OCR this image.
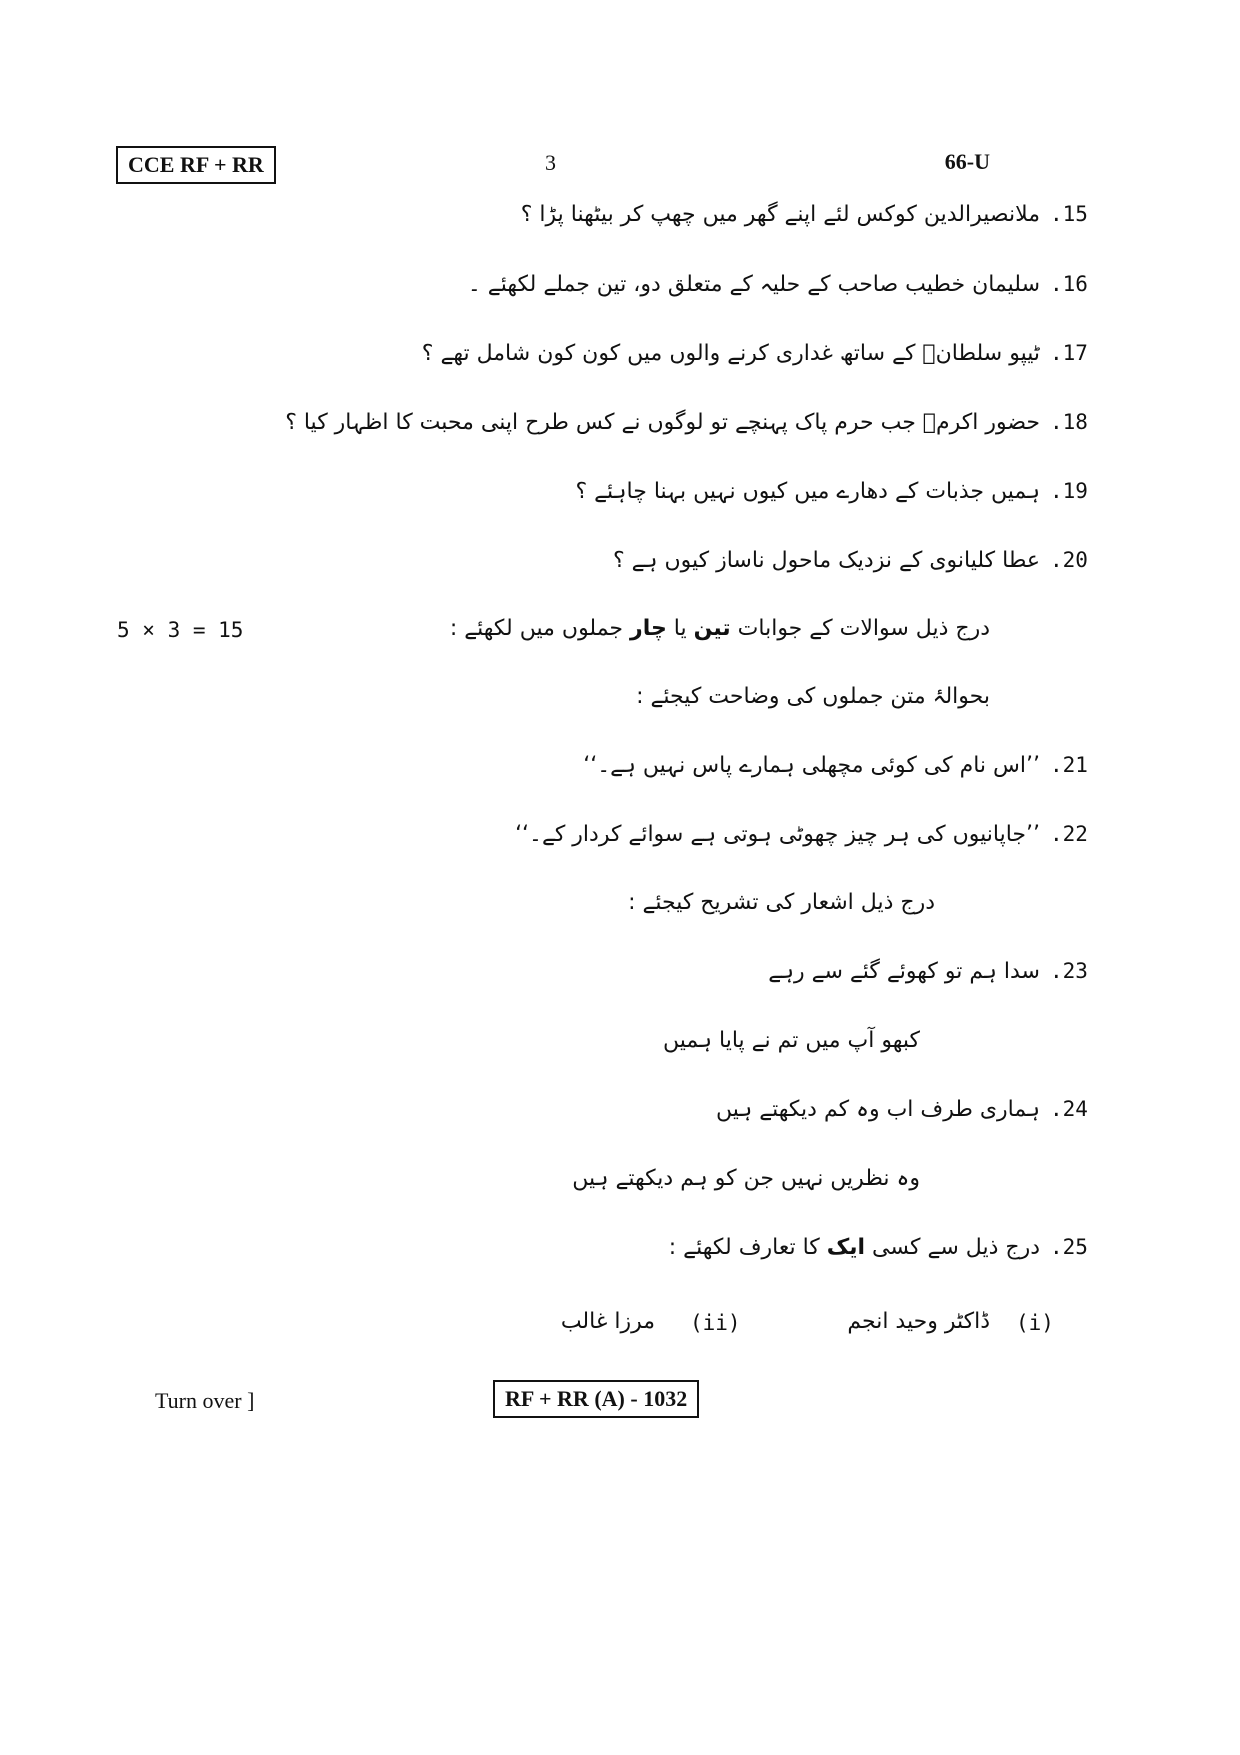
CCE RF + RR	3	66-U
.15
ملانصیرالدین کوکس لئے اپنے گھر میں چھپ کر بیٹھنا پڑا ؟
.16
سلیمان خطیب صاحب کے حلیہ کے متعلق دو، تین جملے لکھئے ۔
.17
ٹیپو سلطانؒ کے ساتھ غداری کرنے والوں میں کون کون شامل تھے ؟
.18
حضور اکرمؐ جب حرم پاک پہنچے تو لوگوں نے کس طرح اپنی محبت کا اظہار کیا ؟
.19
ہمیں جذبات کے دھارے میں کیوں نہیں بہنا چاہئے ؟
.20
عطا کلیانوی کے نزدیک ماحول ناساز کیوں ہے ؟
5 × 3 = 15	درج ذیل سوالات کے جوابات تین یا چار جملوں میں لکھئے :
بحوالۂ متن جملوں کی وضاحت کیجئے :
.21
’’اس نام کی کوئی مچھلی ہمارے پاس نہیں ہے۔‘‘
.22
’’جاپانیوں کی ہر چیز چھوٹی ہوتی ہے سوائے کردار کے۔‘‘
درج ذیل اشعار کی تشریح کیجئے :
.23
سدا ہم تو کھوئے گئے سے رہے
کبھو آپ میں تم نے پایا ہمیں
.24
ہماری طرف اب وہ کم دیکھتے ہیں
وہ نظریں نہیں جن کو ہم دیکھتے ہیں
.25
درج ذیل سے کسی ایک کا تعارف لکھئے :
(i)
ڈاکٹر وحید انجم
(ii)
مرزا غالب
Turn over ]	RF + RR (A) - 1032
